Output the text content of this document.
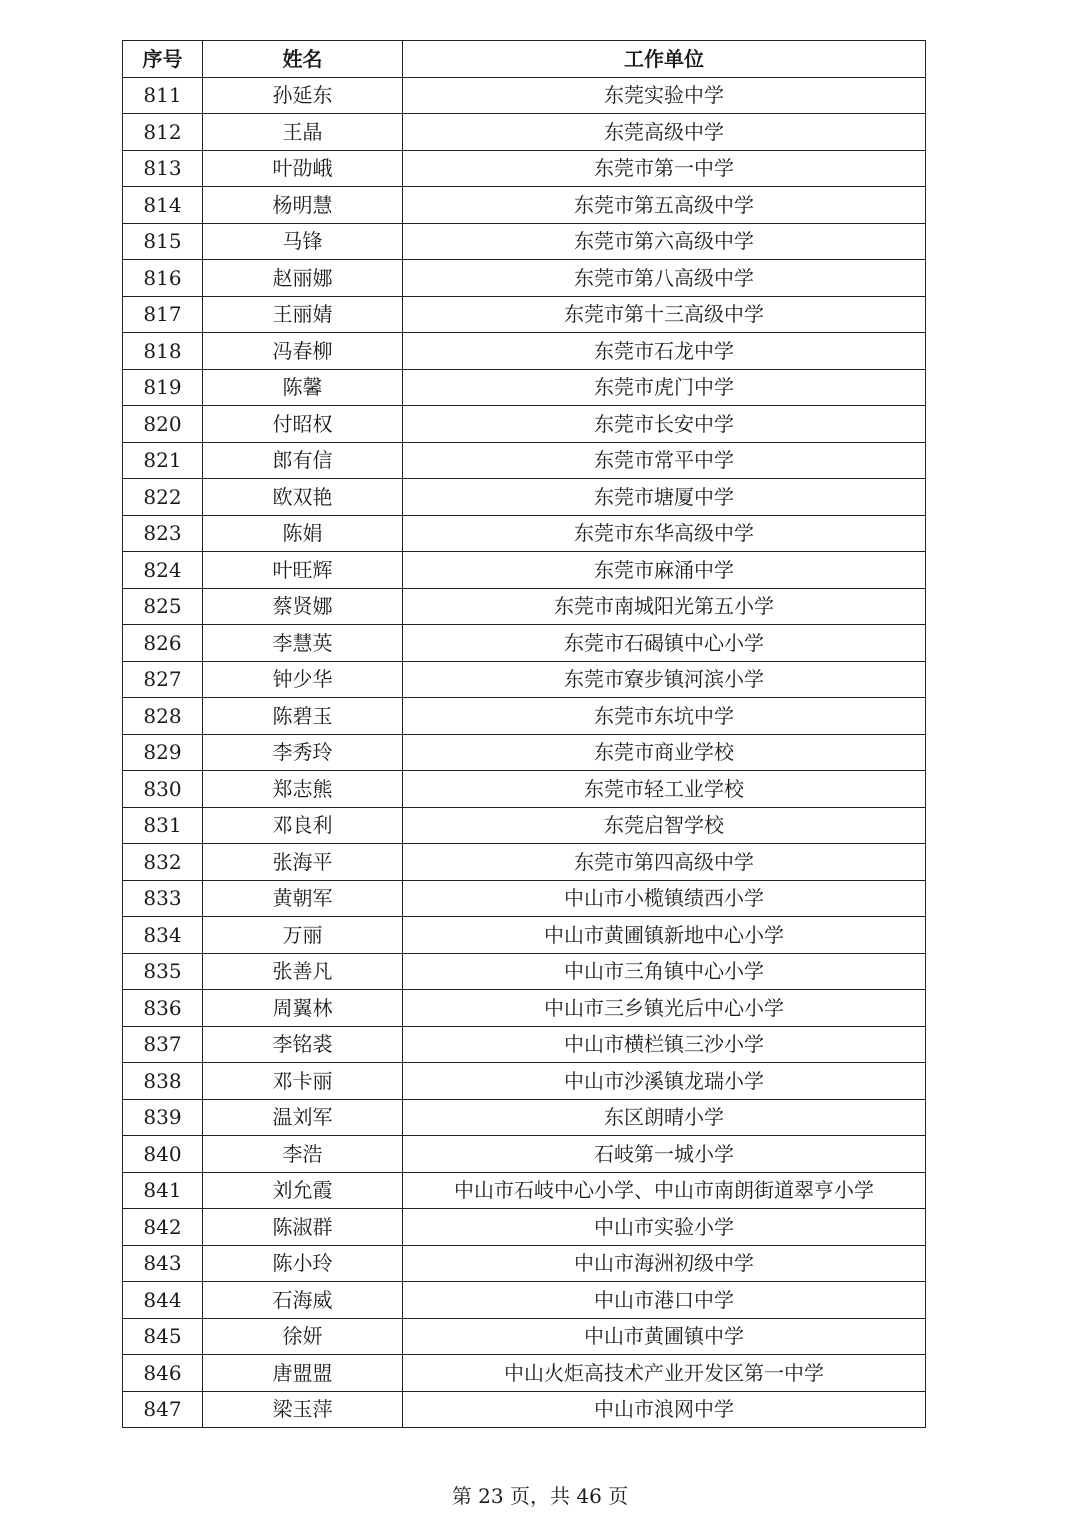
序号	姓名	工作单位
811	孙延东	东莞实验中学
812	王晶	东莞高级中学
813	叶劭峨	东莞市第一中学
814	杨明慧	东莞市第五高级中学
815	马锋	东莞市第六高级中学
816	赵丽娜	东莞市第八高级中学
817	王丽婧	东莞市第十三高级中学
818	冯春柳	东莞市石龙中学
819	陈馨	东莞市虎门中学
820	付昭权	东莞市长安中学
821	郎有信	东莞市常平中学
822	欧双艳	东莞市塘厦中学
823	陈娟	东莞市东华高级中学
824	叶旺辉	东莞市麻涌中学
825	蔡贤娜	东莞市南城阳光第五小学
826	李慧英	东莞市石碣镇中心小学
827	钟少华	东莞市寮步镇河滨小学
828	陈碧玉	东莞市东坑中学
829	李秀玲	东莞市商业学校
830	郑志熊	东莞市轻工业学校
831	邓良利	东莞启智学校
832	张海平	东莞市第四高级中学
833	黄朝军	中山市小榄镇绩西小学
834	万丽	中山市黄圃镇新地中心小学
835	张善凡	中山市三角镇中心小学
836	周翼林	中山市三乡镇光后中心小学
837	李铭裘	中山市横栏镇三沙小学
838	邓卡丽	中山市沙溪镇龙瑞小学
839	温刘军	东区朗晴小学
840	李浩	石岐第一城小学
841	刘允霞	中山市石岐中心小学、中山市南朗街道翠亨小学
842	陈淑群	中山市实验小学
843	陈小玲	中山市海洲初级中学
844	石海威	中山市港口中学
845	徐妍	中山市黄圃镇中学
846	唐盟盟	中山火炬高技术产业开发区第一中学
847	梁玉萍	中山市浪网中学
第 23 页，共 46 页
